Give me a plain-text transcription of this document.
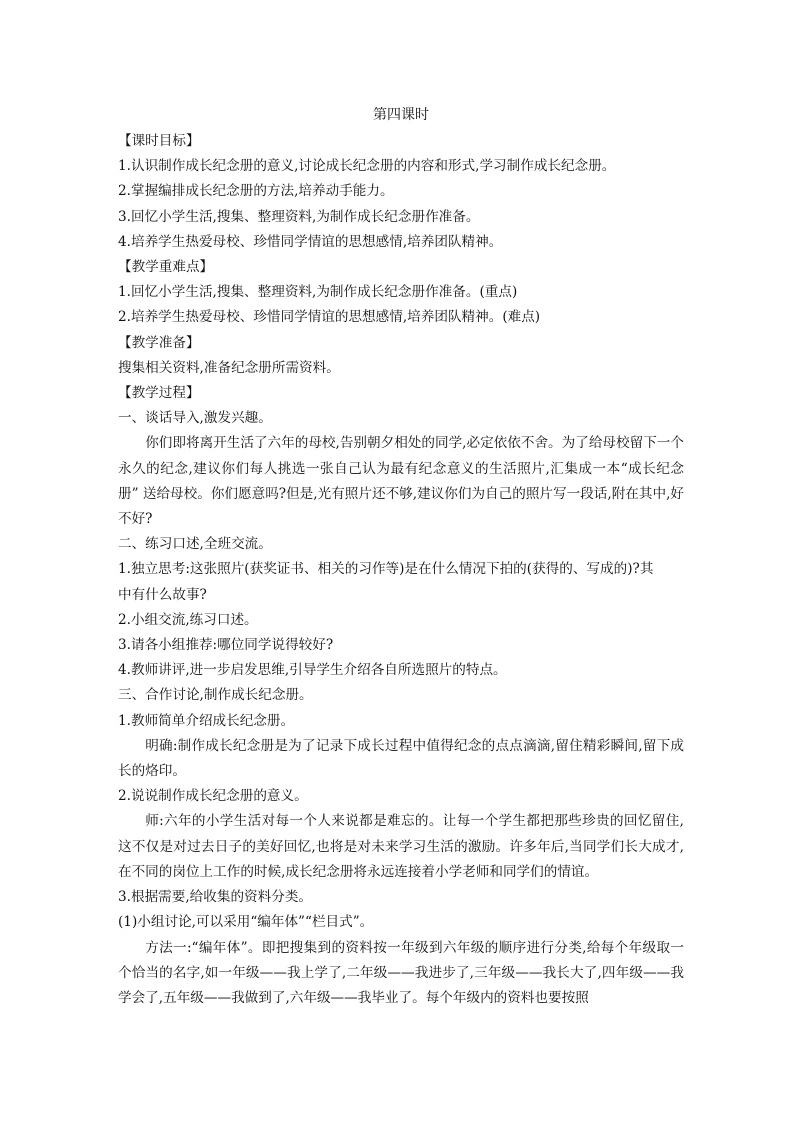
第四课时
【课时目标】
1.认识制作成长纪念册的意义,讨论成长纪念册的内容和形式,学习制作成长纪念册。
2.掌握编排成长纪念册的方法,培养动手能力。
3.回忆小学生活,搜集、整理资料,为制作成长纪念册作准备。
4.培养学生热爱母校、珍惜同学情谊的思想感情,培养团队精神。
【教学重难点】
1.回忆小学生活,搜集、整理资料,为制作成长纪念册作准备。(重点)
2.培养学生热爱母校、珍惜同学情谊的思想感情,培养团队精神。(难点)
【教学准备】
搜集相关资料,准备纪念册所需资料。
【教学过程】
一、谈话导入,激发兴趣。
你们即将离开生活了六年的母校,告别朝夕相处的同学,必定依依不舍。为了给母校留下一个永久的纪念,建议你们每人挑选一张自己认为最有纪念意义的生活照片,汇集成一本“成长纪念册” 送给母校。你们愿意吗?但是,光有照片还不够,建议你们为自己的照片写一段话,附在其中,好不好?
二、练习口述,全班交流。
1.独立思考:这张照片(获奖证书、相关的习作等)是在什么情况下拍的(获得的、写成的)?其
中有什么故事?
2.小组交流,练习口述。
3.请各小组推荐:哪位同学说得较好?
4.教师讲评,进一步启发思维,引导学生介绍各自所选照片的特点。
三、合作讨论,制作成长纪念册。
1.教师简单介绍成长纪念册。
明确:制作成长纪念册是为了记录下成长过程中值得纪念的点点滴滴,留住精彩瞬间,留下成长的烙印。
2.说说制作成长纪念册的意义。
师:六年的小学生活对每一个人来说都是难忘的。让每一个学生都把那些珍贵的回忆留住,这不仅是对过去日子的美好回忆,也将是对未来学习生活的激励。许多年后,当同学们长大成才,在不同的岗位上工作的时候,成长纪念册将永远连接着小学老师和同学们的情谊。
3.根据需要,给收集的资料分类。
(1)小组讨论,可以采用“编年体”“栏目式”。
方法一:“编年体”。即把搜集到的资料按一年级到六年级的顺序进行分类,给每个年级取一个恰当的名字,如一年级——我上学了,二年级——我进步了,三年级——我长大了,四年级——我学会了,五年级——我做到了,六年级——我毕业了。每个年级内的资料也要按照
